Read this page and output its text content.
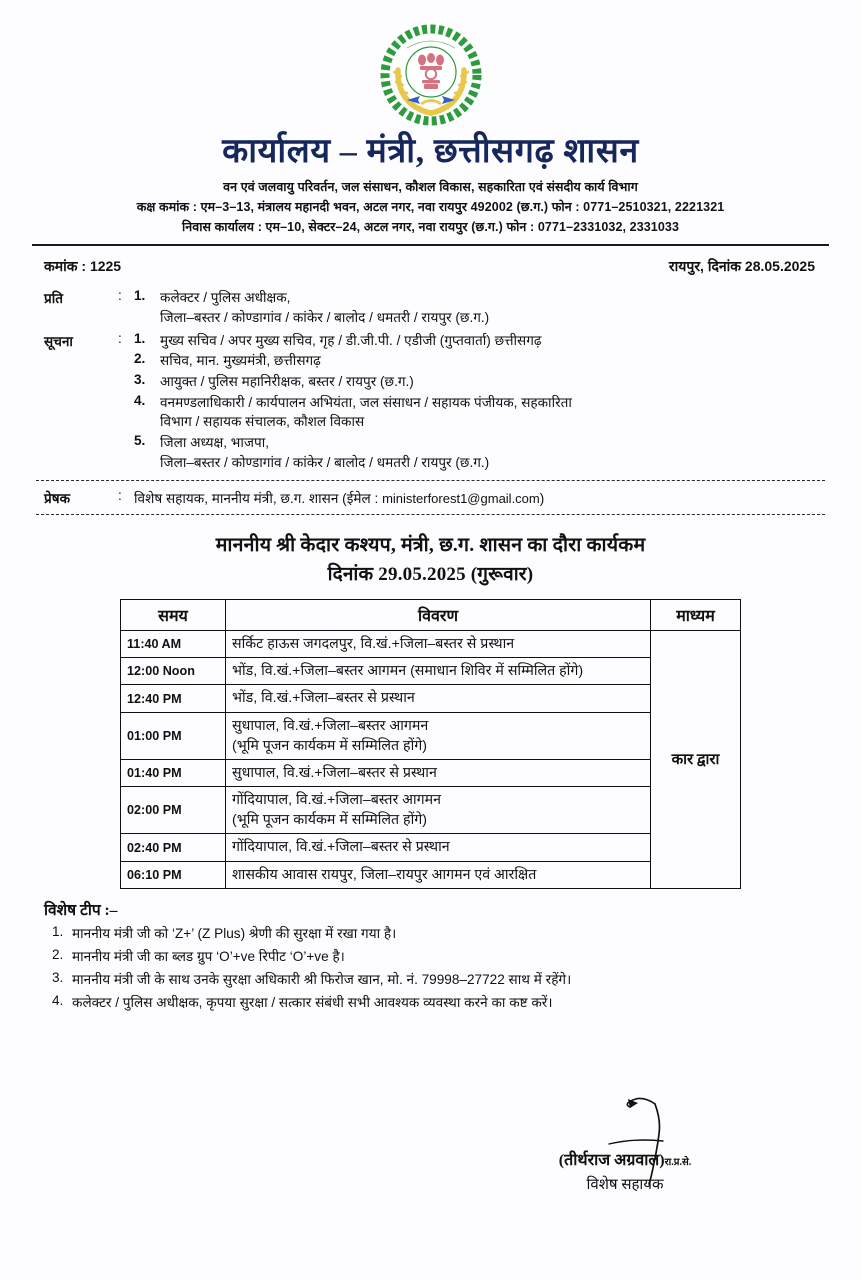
कार्यालय – मंत्री, छत्तीसगढ़ शासन
वन एवं जलवायु परिवर्तन, जल संसाधन, कौशल विकास, सहकारिता एवं संसदीय कार्य विभाग
कक्ष कमांक : एम–3–13, मंत्रालय महानदी भवन, अटल नगर, नवा रायपुर 492002 (छ.ग.) फोन : 0771–2510321, 2221321
निवास कार्यालय : एम–10, सेक्टर–24, अटल नगर, नवा रायपुर (छ.ग.) फोन : 0771–2331032, 2331033
कमांक : 1225	रायपुर, दिनांक 28.05.2025
प्रति	: 1.	कलेक्टर / पुलिस अधीक्षक,
जिला–बस्तर / कोण्डागांव / कांकेर / बालोद / धमतरी / रायपुर (छ.ग.)
सूचना	: 1.	मुख्य सचिव / अपर मुख्य सचिव, गृह / डी.जी.पी. / एडीजी (गुप्तवार्ता) छत्तीसगढ़
2.	सचिव, मान. मुख्यमंत्री, छत्तीसगढ़
3.	आयुक्त / पुलिस महानिरीक्षक, बस्तर / रायपुर (छ.ग.)
4.	वनमण्डलाधिकारी / कार्यपालन अभियंता, जल संसाधन / सहायक पंजीयक, सहकारिता
विभाग / सहायक संचालक, कौशल विकास
5.	जिला अध्यक्ष, भाजपा,
जिला–बस्तर / कोण्डागांव / कांकेर / बालोद / धमतरी / रायपुर (छ.ग.)
प्रेषक	: विशेष सहायक, माननीय मंत्री, छ.ग. शासन (ईमेल : ministerforest1@gmail.com)
माननीय श्री केदार कश्यप, मंत्री, छ.ग. शासन का दौरा कार्यकम
दिनांक 29.05.2025 (गुरूवार)
समय	विवरण	माध्यम
11:40 AM	सर्किट हाऊस जगदलपुर, वि.खं.+जिला–बस्तर से प्रस्थान	कार द्वारा
12:00 Noon	भोंड, वि.खं.+जिला–बस्तर आगमन (समाधान शिविर में सम्मिलित होंगे)	
12:40 PM	भोंड, वि.खं.+जिला–बस्तर से प्रस्थान	
01:00 PM	सुधापाल, वि.खं.+जिला–बस्तर आगमन
(भूमि पूजन कार्यकम में सम्मिलित होंगे)	

01:40 PM	सुधापाल, वि.खं.+जिला–बस्तर से प्रस्थान	
02:00 PM	गोंदियापाल, वि.खं.+जिला–बस्तर आगमन
(भूमि पूजन कार्यकम में सम्मिलित होंगे)	

02:40 PM	गोंदियापाल, वि.खं.+जिला–बस्तर से प्रस्थान	
06:10 PM	शासकीय आवास रायपुर, जिला–रायपुर आगमन एवं आरक्षित	
विशेष टीप :–
1. माननीय मंत्री जी को ‘Z+’ (Z Plus) श्रेणी की सुरक्षा में रखा गया है।
2. माननीय मंत्री जी का ब्लड ग्रुप ‘O’+ve रिपीट ‘O’+ve है।
3. माननीय मंत्री जी के साथ उनके सुरक्षा अधिकारी श्री फिरोज खान, मो. नं. 79998–27722 साथ में रहेंगे।
4. कलेक्टर / पुलिस अधीक्षक, कृपया सुरक्षा / सत्कार संबंधी सभी आवश्यक व्यवस्था करने का कष्ट करें।
(तीर्थराज अग्रवाल)रा.प्र.से.
विशेष सहायक
